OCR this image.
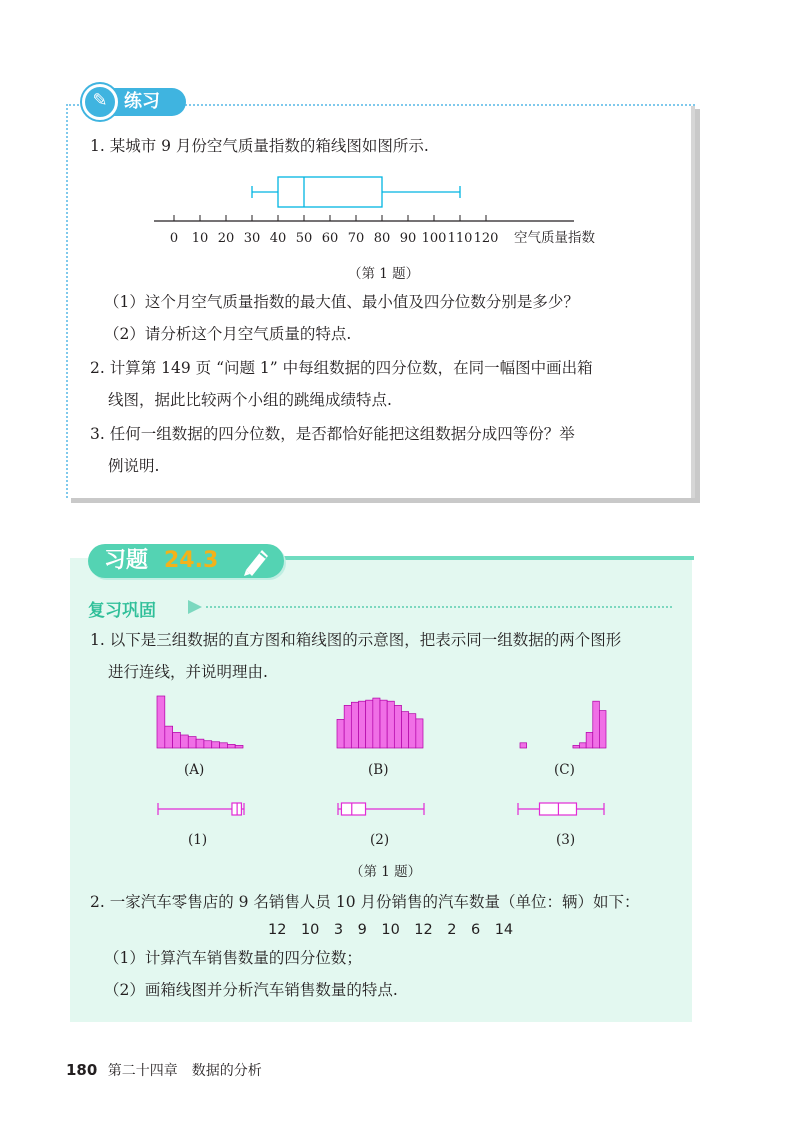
练习
✎
1. 某城市 9 月份空气质量指数的箱线图如图所示.
0 10 20 30 40 50 60 70 80 90 100 110 120 空气质量指数
（第 1 题）
（1）这个月空气质量指数的最大值、最小值及四分位数分别是多少？
（2）请分析这个月空气质量的特点.
2. 计算第 149 页 “问题 1” 中每组数据的四分位数，在同一幅图中画出箱
线图，据此比较两个小组的跳绳成绩特点.
3. 任何一组数据的四分位数，是否都恰好能把这组数据分成四等份？举
例说明.
习题 24.3
复习巩固
1. 以下是三组数据的直方图和箱线图的示意图，把表示同一组数据的两个图形
进行连线，并说明理由.
(A)	(B)	(C)
(1)	(2)	(3)
（第 1 题）
2. 一家汽车零售店的 9 名销售人员 10 月份销售的汽车数量（单位：辆）如下：
12　10　3　9　10　12　2　6　14
（1）计算汽车销售数量的四分位数；
（2）画箱线图并分析汽车销售数量的特点.
180 第二十四章　数据的分析
